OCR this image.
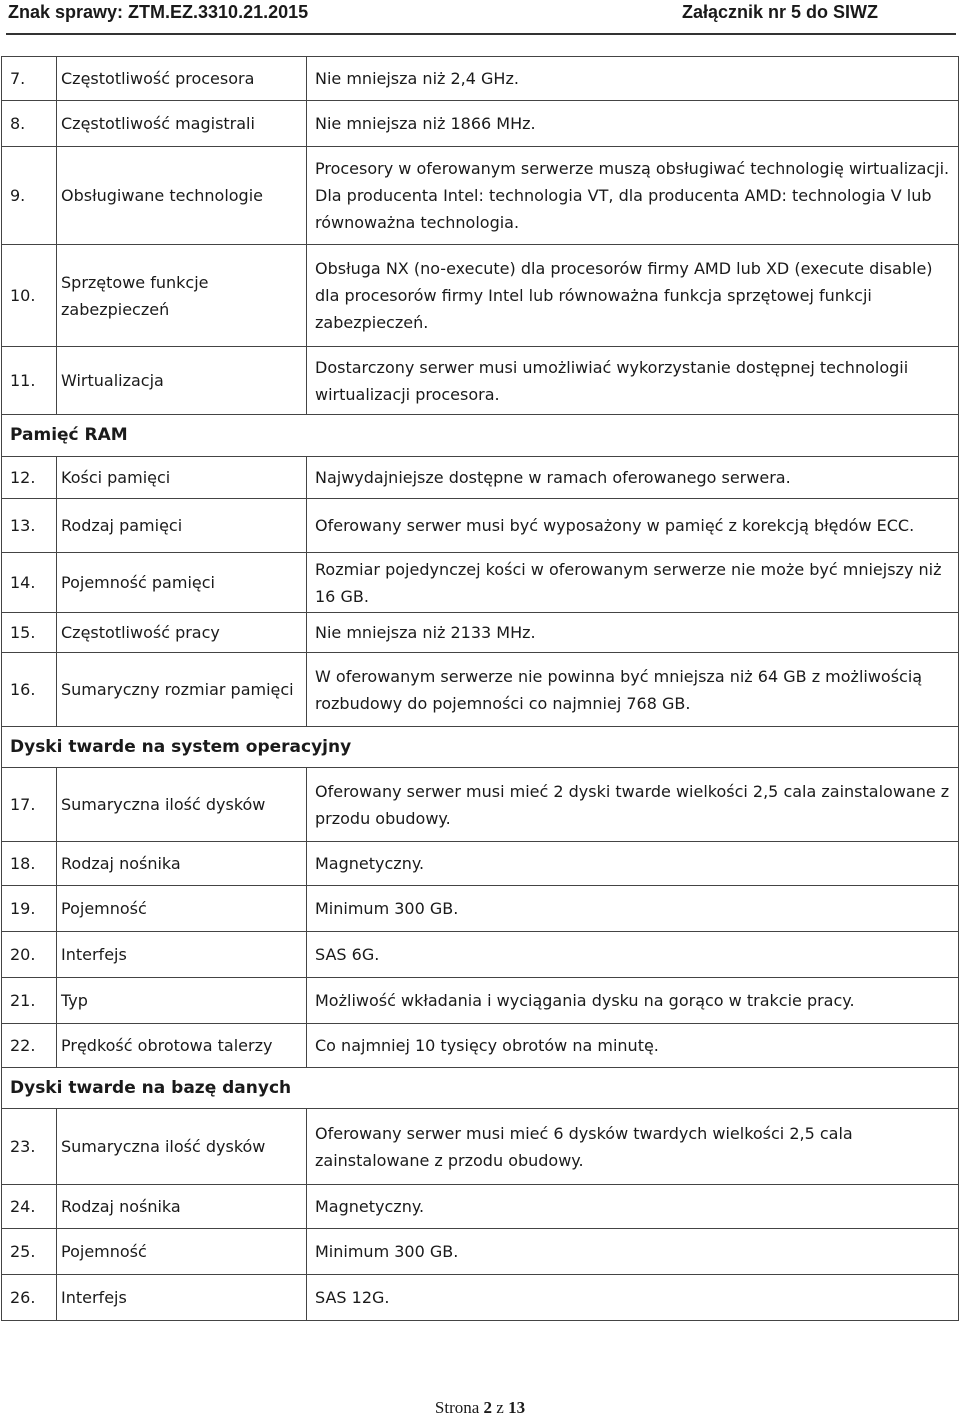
Znak sprawy: ZTM.EZ.3310.21.2015	Załącznik nr 5 do SIWZ
7.	Częstotliwość procesora	Nie mniejsza niż 2,4 GHz.
8.	Częstotliwość magistrali	Nie mniejsza niż 1866 MHz.
9.	Obsługiwane technologie	Procesory w oferowanym serwerze muszą obsługiwać technologię wirtualizacji. Dla producenta Intel: technologia VT, dla producenta AMD: technologia V lub równoważna technologia.
10.	Sprzętowe funkcje zabezpieczeń	Obsługa NX (no-execute) dla procesorów firmy AMD lub XD (execute disable) dla procesorów firmy Intel lub równoważna funkcja sprzętowej funkcji zabezpieczeń.
11.	Wirtualizacja	Dostarczony serwer musi umożliwiać wykorzystanie dostępnej technologii wirtualizacji procesora.
Pamięć RAM		
12.	Kości pamięci	Najwydajniejsze dostępne w ramach oferowanego serwera.
13.	Rodzaj pamięci	Oferowany serwer musi być wyposażony w pamięć z korekcją błędów ECC.
14.	Pojemność pamięci	Rozmiar pojedynczej kości w oferowanym serwerze nie może być mniejszy niż 16 GB.
15.	Częstotliwość pracy	Nie mniejsza niż 2133 MHz.
16.	Sumaryczny rozmiar pamięci	W oferowanym serwerze nie powinna być mniejsza niż 64 GB z możliwością rozbudowy do pojemności co najmniej 768 GB.
Dyski twarde na system operacyjny		
17.	Sumaryczna ilość dysków	Oferowany serwer musi mieć 2 dyski twarde wielkości 2,5 cala zainstalowane z przodu obudowy.
18.	Rodzaj nośnika	Magnetyczny.
19.	Pojemność	Minimum 300 GB.
20.	Interfejs	SAS 6G.
21.	Typ	Możliwość wkładania i wyciągania dysku na gorąco w trakcie pracy.
22.	Prędkość obrotowa talerzy	Co najmniej 10 tysięcy obrotów na minutę.
Dyski twarde na bazę danych		
23.	Sumaryczna ilość dysków	Oferowany serwer musi mieć 6 dysków twardych wielkości 2,5 cala zainstalowane z przodu obudowy.
24.	Rodzaj nośnika	Magnetyczny.
25.	Pojemność	Minimum 300 GB.
26.	Interfejs	SAS 12G.
Strona 2 z 13
